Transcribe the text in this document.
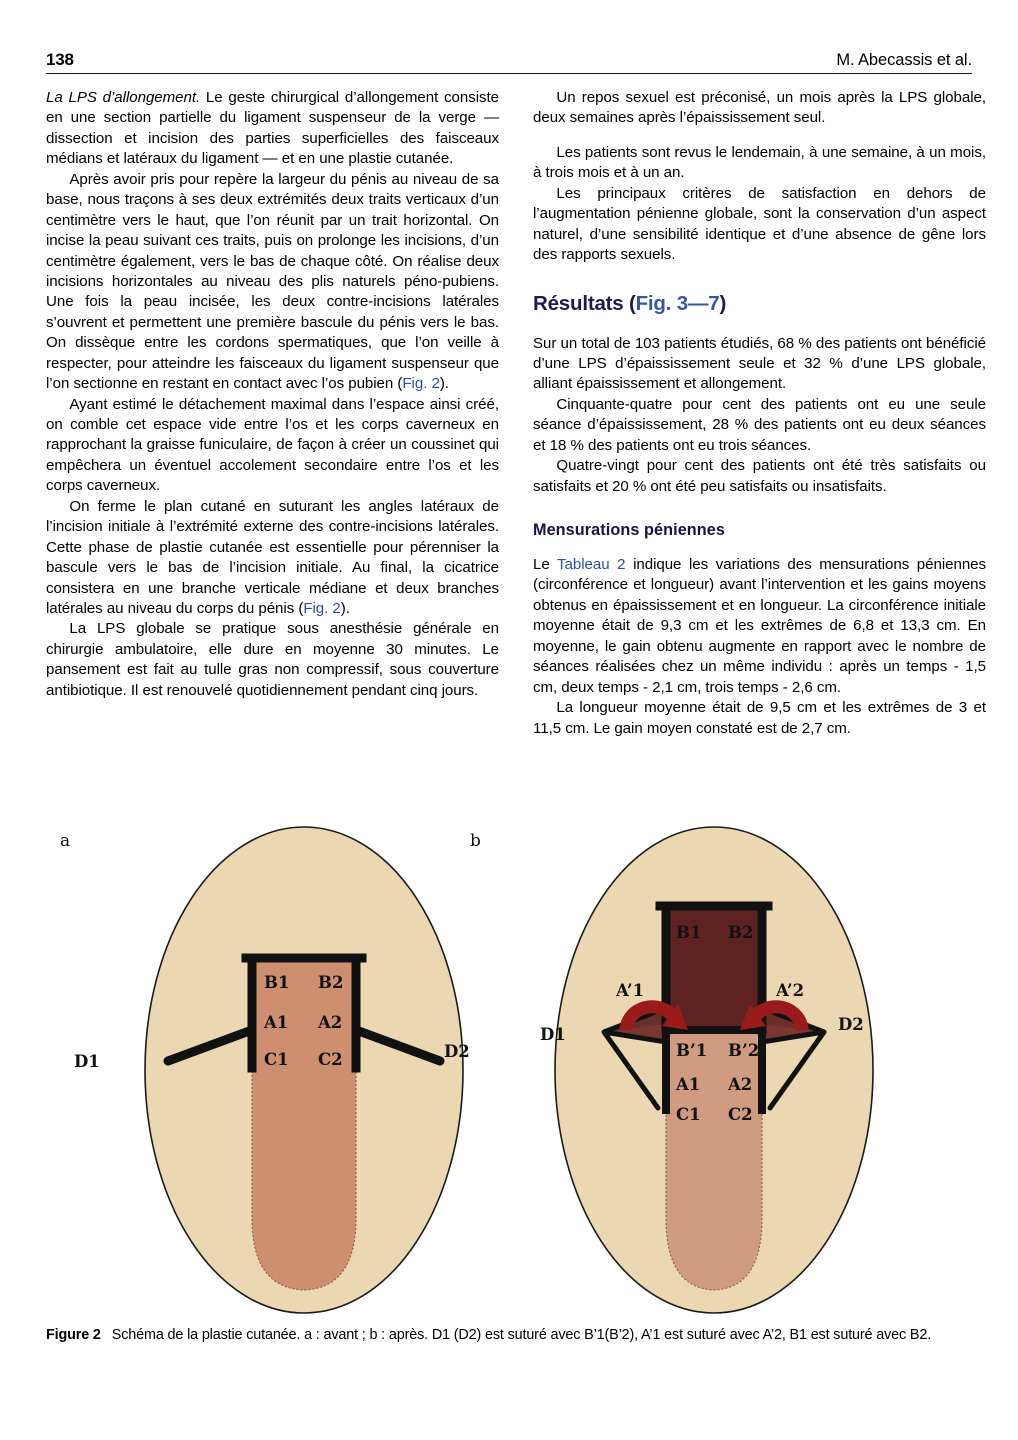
138	M. Abecassis et al.

La LPS d’allongement. Le geste chirurgical d’allongement consiste en une section partielle du ligament suspenseur de la verge — dissection et incision des parties superficielles des faisceaux médians et latéraux du ligament — et en une plastie cutanée.

Après avoir pris pour repère la largeur du pénis au niveau de sa base, nous traçons à ses deux extrémités deux traits verticaux d’un centimètre vers le haut, que l’on réunit par un trait horizontal. On incise la peau suivant ces traits, puis on prolonge les incisions, d’un centimètre également, vers le bas de chaque côté. On réalise deux incisions horizontales au niveau des plis naturels péno-pubiens. Une fois la peau incisée, les deux contre-incisions latérales s’ouvrent et permettent une première bascule du pénis vers le bas. On dissèque entre les cordons spermatiques, que l’on veille à respecter, pour atteindre les faisceaux du ligament suspenseur que l’on sectionne en restant en contact avec l’os pubien (Fig. 2).

Ayant estimé le détachement maximal dans l’espace ainsi créé, on comble cet espace vide entre l’os et les corps caverneux en rapprochant la graisse funiculaire, de façon à créer un coussinet qui empêchera un éventuel accolement secondaire entre l’os et les corps caverneux.

On ferme le plan cutané en suturant les angles latéraux de l’incision initiale à l’extrémité externe des contre-incisions latérales. Cette phase de plastie cutanée est essentielle pour pérenniser la bascule vers le bas de l’incision initiale. Au final, la cicatrice consistera en une branche verticale médiane et deux branches latérales au niveau du corps du pénis (Fig. 2).

La LPS globale se pratique sous anesthésie générale en chirurgie ambulatoire, elle dure en moyenne 30 minutes. Le pansement est fait au tulle gras non compressif, sous couverture antibiotique. Il est renouvelé quotidiennement pendant cinq jours.

Un repos sexuel est préconisé, un mois après la LPS globale, deux semaines après l’épaississement seul.

Les patients sont revus le lendemain, à une semaine, à un mois, à trois mois et à un an.

Les principaux critères de satisfaction en dehors de l’augmentation pénienne globale, sont la conservation d’un aspect naturel, d’une sensibilité identique et d’une absence de gêne lors des rapports sexuels.

Résultats (Fig. 3—7)

Sur un total de 103 patients étudiés, 68 % des patients ont bénéficié d’une LPS d’épaississement seule et 32 % d’une LPS globale, alliant épaississement et allongement.

Cinquante-quatre pour cent des patients ont eu une seule séance d’épaississement, 28 % des patients ont eu deux séances et 18 % des patients ont eu trois séances.

Quatre-vingt pour cent des patients ont été très satisfaits ou satisfaits et 20 % ont été peu satisfaits ou insatisfaits.

Mensurations péniennes

Le Tableau 2 indique les variations des mensurations péniennes (circonférence et longueur) avant l’intervention et les gains moyens obtenus en épaississement et en longueur. La circonférence initiale moyenne était de 9,3 cm et les extrêmes de 6,8 et 13,3 cm. En moyenne, le gain obtenu augmente en rapport avec le nombre de séances réalisées chez un même individu : après un temps - 1,5 cm, deux temps - 2,1 cm, trois temps - 2,6 cm.

La longueur moyenne était de 9,5 cm et les extrêmes de 3 et 11,5 cm. Le gain moyen constaté est de 2,7 cm.

a
B1 B2
A1 A2
C1 C2
D1
D2
b
B1 B2
A’1	A’2
D1
D2
B’1 B’2
A1 A2
C1 C2
Figure 2 Schéma de la plastie cutanée. a : avant ; b : après. D1 (D2) est suturé avec B’1(B’2), A’1 est suturé avec A’2, B1 est suturé avec B2.
